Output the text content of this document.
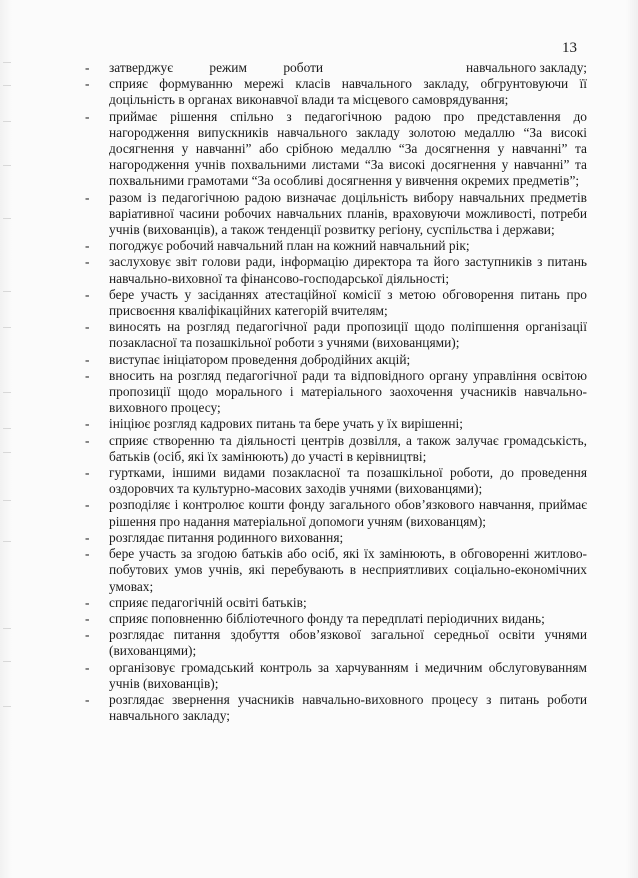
13
- затверджує	режим	роботи	навчального закладу;
- сприяє формуванню мережі класів навчального закладу, обгрунтовуючи її доцільність в органах виконавчої влади та місцевого самоврядування;
- приймає рішення спільно з педагогічною радою про представлення до нагородження випускників навчального закладу золотою медаллю “За високі досягнення у навчанні” або срібною медаллю “За досягнення у навчанні” та нагородження учнів похвальними листами “За високі досягнення у навчанні” та похвальними грамотами “За особливі досягнення у вивчення окремих предметів”;
- разом із педагогічною радою визначає доцільність вибору навчальних предметів варіативної часини робочих навчальних планів, враховуючи можливості, потреби учнів (вихованців), а також тенденції розвитку регіону, суспільства і держави;
- погоджує робочий навчальний план на кожний навчальний рік;
- заслуховує звіт голови ради, інформацію директора та його заступників з питань навчально-виховної та фінансово-господарської діяльності;
- бере участь у засіданнях атестаційної комісії з метою обговорення питань про присвоєння кваліфікаційних категорій вчителям;
- виносять на розгляд педагогічної ради пропозиції щодо поліпшення організації позакласної та позашкільної роботи з учнями (вихованцями);
- виступає ініціатором проведення добродійних акцій;
- вносить на розгляд педагогічної ради та відповідного органу управління освітою пропозиції щодо морального і матеріального заохочення учасників навчально-виховного процесу;
- ініціює розгляд кадрових питань та бере учать у їх вирішенні;
- сприяє створенню та діяльності центрів дозвілля, а також залучає громадськість, батьків (осіб, які їх замінюють) до участі в керівництві;
- гуртками, іншими видами позакласної та позашкільної роботи, до проведення оздоровчих та культурно-масових заходів учнями (вихованцями);
- розподіляє і контролює кошти фонду загального обов’язкового навчання, приймає рішення про надання матеріальної допомоги учням (вихованцям);
- розглядає питання родинного виховання;
- бере участь за згодою батьків або осіб, які їх замінюють, в обговоренні житлово-побутових умов учнів, які перебувають в несприятливих соціально-економічних умовах;
- сприяє педагогічній освіті батьків;
- сприяє поповненню бібліотечного фонду та передплаті періодичних видань;
- розглядає питання здобуття обов’язкової загальної середньої освіти учнями (вихованцями);
- організовує громадський контроль за харчуванням і медичним обслуговуванням учнів (вихованців);
- розглядає звернення учасників навчально-виховного процесу з питань роботи навчального закладу;
